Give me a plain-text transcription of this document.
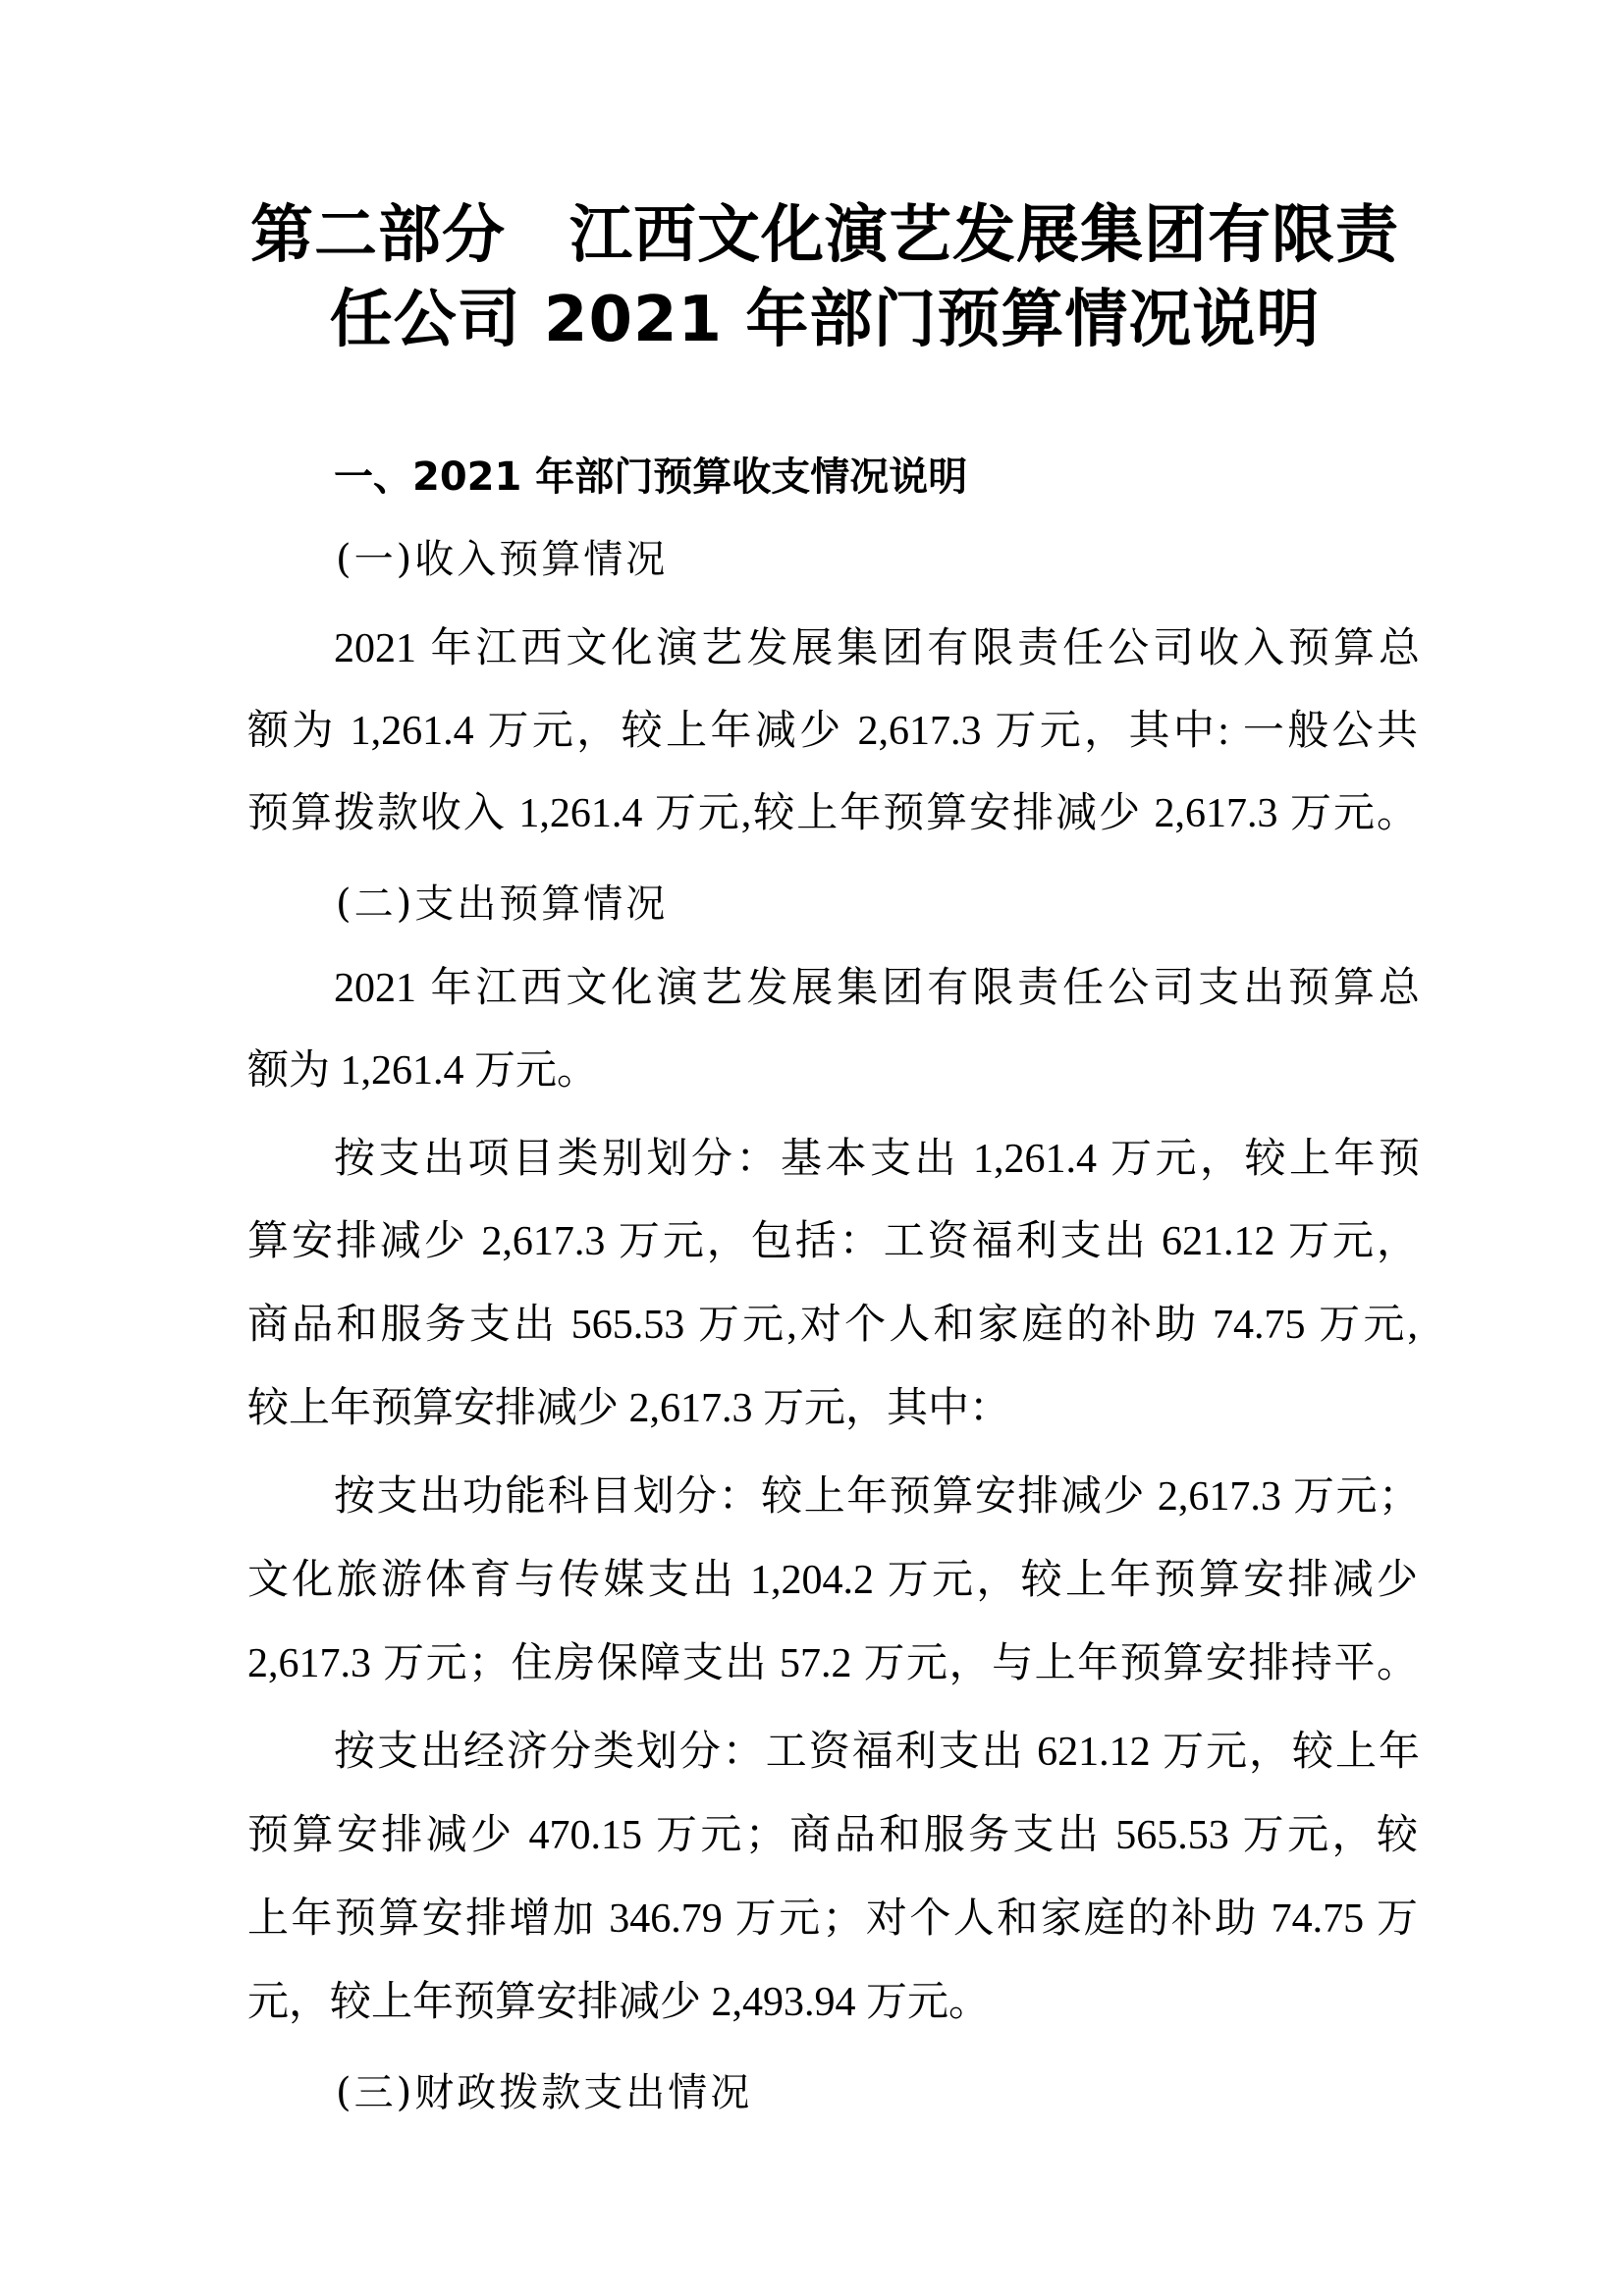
第二部分　江西文化演艺发展集团有限责
任公司 2021 年部门预算情况说明
一、2021 年部门预算收支情况说明
(一)收入预算情况
2021 年江西文化演艺发展集团有限责任公司收入预算总
额为 1,261.4 万元，较上年减少 2,617.3 万元，其中: 一般公共
预算拨款收入 1,261.4 万元,较上年预算安排减少 2,617.3 万元。
(二)支出预算情况
2021 年江西文化演艺发展集团有限责任公司支出预算总
额为 1,261.4 万元。
按支出项目类别划分：基本支出 1,261.4 万元，较上年预
算安排减少 2,617.3 万元，包括：工资福利支出 621.12 万元，
商品和服务支出 565.53 万元,对个人和家庭的补助 74.75 万元,
较上年预算安排减少 2,617.3 万元，其中：
按支出功能科目划分：较上年预算安排减少 2,617.3 万元；
文化旅游体育与传媒支出 1,204.2 万元，较上年预算安排减少
2,617.3 万元；住房保障支出 57.2 万元，与上年预算安排持平。
按支出经济分类划分：工资福利支出 621.12 万元，较上年
预算安排减少 470.15 万元；商品和服务支出 565.53 万元，较
上年预算安排增加 346.79 万元；对个人和家庭的补助 74.75 万
元，较上年预算安排减少 2,493.94 万元。
(三)财政拨款支出情况
